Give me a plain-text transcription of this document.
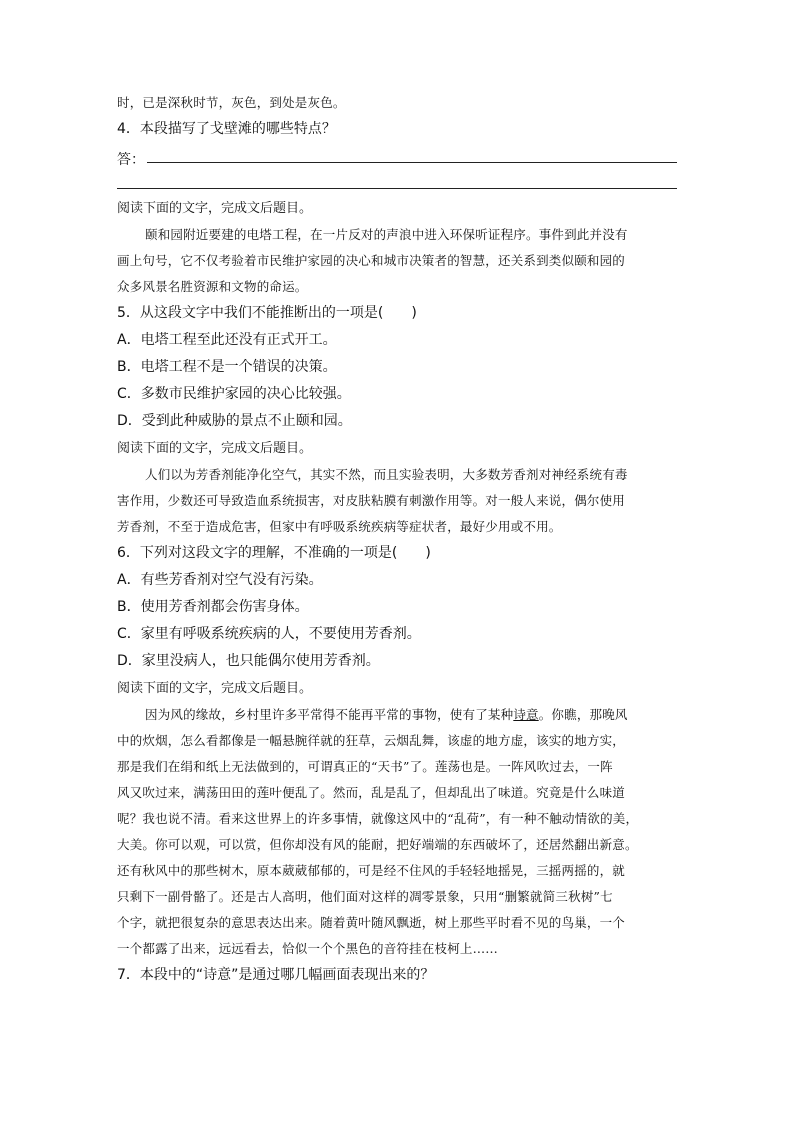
时，已是深秋时节，灰色，到处是灰色。
4．本段描写了戈壁滩的哪些特点？
答：
阅读下面的文字，完成文后题目。
颐和园附近要建的电塔工程，在一片反对的声浪中进入环保听证程序。事件到此并没有
画上句号，它不仅考验着市民维护家园的决心和城市决策者的智慧，还关系到类似颐和园的
众多风景名胜资源和文物的命运。
5．从这段文字中我们不能推断出的一项是(　　)
A．电塔工程至此还没有正式开工。
B．电塔工程不是一个错误的决策。
C．多数市民维护家园的决心比较强。
D．受到此种威胁的景点不止颐和园。
阅读下面的文字，完成文后题目。
人们以为芳香剂能净化空气，其实不然，而且实验表明，大多数芳香剂对神经系统有毒
害作用，少数还可导致造血系统损害，对皮肤粘膜有刺激作用等。对一般人来说，偶尔使用
芳香剂，不至于造成危害，但家中有呼吸系统疾病等症状者，最好少用或不用。
6．下列对这段文字的理解，不准确的一项是(　　)
A．有些芳香剂对空气没有污染。
B．使用芳香剂都会伤害身体。
C．家里有呼吸系统疾病的人，不要使用芳香剂。
D．家里没病人，也只能偶尔使用芳香剂。
阅读下面的文字，完成文后题目。
因为风的缘故，乡村里许多平常得不能再平常的事物，使有了某种诗意。你瞧，那晚风
中的炊烟，怎么看都像是一幅悬腕徉就的狂草，云烟乱舞，该虚的地方虚，该实的地方实，
那是我们在绢和纸上无法做到的，可谓真正的“天书”了。莲荡也是。一阵风吹过去，一阵
风又吹过来，满荡田田的莲叶便乱了。然而，乱是乱了，但却乱出了味道。究竟是什么味道
呢？我也说不清。看来这世界上的许多事情，就像这风中的“乱荷”，有一种不触动情欲的美，
大美。你可以观，可以赏，但你却没有风的能耐，把好端端的东西破坏了，还居然翻出新意。
还有秋风中的那些树木，原本葳葳郁郁的，可是经不住风的手轻轻地摇晃，三摇两摇的，就
只剩下一副骨骼了。还是古人高明，他们面对这样的凋零景象，只用“删繁就简三秋树”七
个字，就把很复杂的意思表达出来。随着黄叶随风飘逝，树上那些平时看不见的鸟巢，一个
一个都露了出来，远远看去，恰似一个个黑色的音符挂在枝柯上……
7．本段中的“诗意”是通过哪几幅画面表现出来的？
